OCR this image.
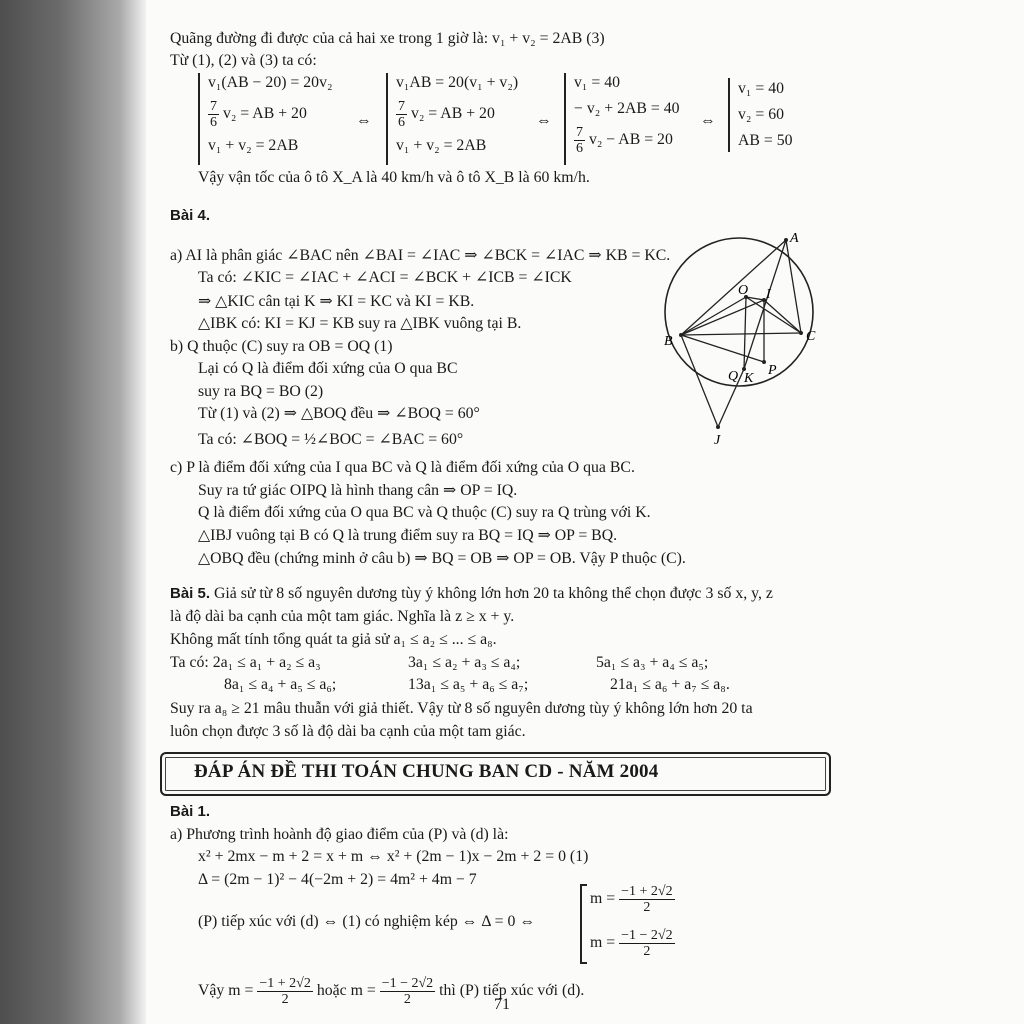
Quãng đường đi được của cả hai xe trong 1 giờ là: v₁ + v₂ = 2AB (3)
Từ (1), (2) và (3) ta có:
v₁(AB − 20) = 20v₂
$\frac{7}{6} v_2$ = AB + 20
v₁ + v₂ = 2AB
⇔
v₁AB = 20(v₁ + v₂)
$\frac{7}{6} v_2$ = AB + 20
v₁ + v₂ = 2AB
⇔
v₁ = 40
− v₂ + 2AB = 40
$\frac{7}{6} v_2$ − AB = 20
⇔
v₁ = 40
v₂ = 60
AB = 50
Vậy vận tốc của ô tô X_A là 40 km/h và ô tô X_B là 60 km/h.
Bài 4.
a) AI là phân giác ∠BAC nên ∠BAI = ∠IAC ⇒ ∠BCK = ∠IAC ⇒ KB = KC.
Ta có: ∠KIC = ∠IAC + ∠ACI = ∠BCK + ∠ICB = ∠ICK
⇒ △KIC cân tại K ⇒ KI = KC và KI = KB.
△IBK có: KI = KJ = KB suy ra △IBK vuông tại B.
b) Q thuộc (C) suy ra OB = OQ (1)
Lại có Q là điểm đối xứng của O qua BC
suy ra BQ = BO (2)
Từ (1) và (2) ⇒ △BOQ đều ⇒ ∠BOQ = 60°
Ta có: ∠BOQ = ½∠BOC = ∠BAC = 60°
c) P là điểm đối xứng của I qua BC và Q là điểm đối xứng của O qua BC.
Suy ra tứ giác OIPQ là hình thang cân ⇒ OP = IQ.
Q là điểm đối xứng của O qua BC và Q thuộc (C) suy ra Q trùng với K.
△IBJ vuông tại B có Q là trung điểm suy ra BQ = IQ ⇒ OP = BQ.
△OBQ đều (chứng minh ở câu b) ⇒ BQ = OB ⇒ OP = OB. Vậy P thuộc (C).
A
O I
B	C
Q K
P
J
Bài 5. Giả sử từ 8 số nguyên dương tùy ý không lớn hơn 20 ta không thể chọn được 3 số x, y, z
là độ dài ba cạnh của một tam giác. Nghĩa là z ≥ x + y.
Không mất tính tổng quát ta giả sử a₁ ≤ a₂ ≤ ... ≤ a₈.
Ta có: 2a₁ ≤ a₁ + a₂ ≤ a₃	3a₁ ≤ a₂ + a₃ ≤ a₄;	5a₁ ≤ a₃ + a₄ ≤ a₅;
8a₁ ≤ a₄ + a₅ ≤ a₆;	13a₁ ≤ a₅ + a₆ ≤ a₇;	21a₁ ≤ a₆ + a₇ ≤ a₈.
Suy ra a₈ ≥ 21 mâu thuẫn với giả thiết. Vậy từ 8 số nguyên dương tùy ý không lớn hơn 20 ta
luôn chọn được 3 số là độ dài ba cạnh của một tam giác.
ĐÁP ÁN ĐỀ THI TOÁN CHUNG BAN CD - NĂM 2004
Bài 1.
a) Phương trình hoành độ giao điểm của (P) và (d) là:
x² + 2mx − m + 2 = x + m ⇔ x² + (2m − 1)x − 2m + 2 = 0 (1)
Δ = (2m − 1)² − 4(−2m + 2) = 4m² + 4m − 7
(P) tiếp xúc với (d) ⇔ (1) có nghiệm kép ⇔ Δ = 0 ⇔
$m = \frac{-1 + 2√2}{2}$
$m = \frac{-1 - 2√2}{2}$
Vậy $m = \frac{-1 + 2√2}{2}$ hoặc $m = \frac{-1 - 2√2}{2}$ thì (P) tiếp xúc với (d).
71
